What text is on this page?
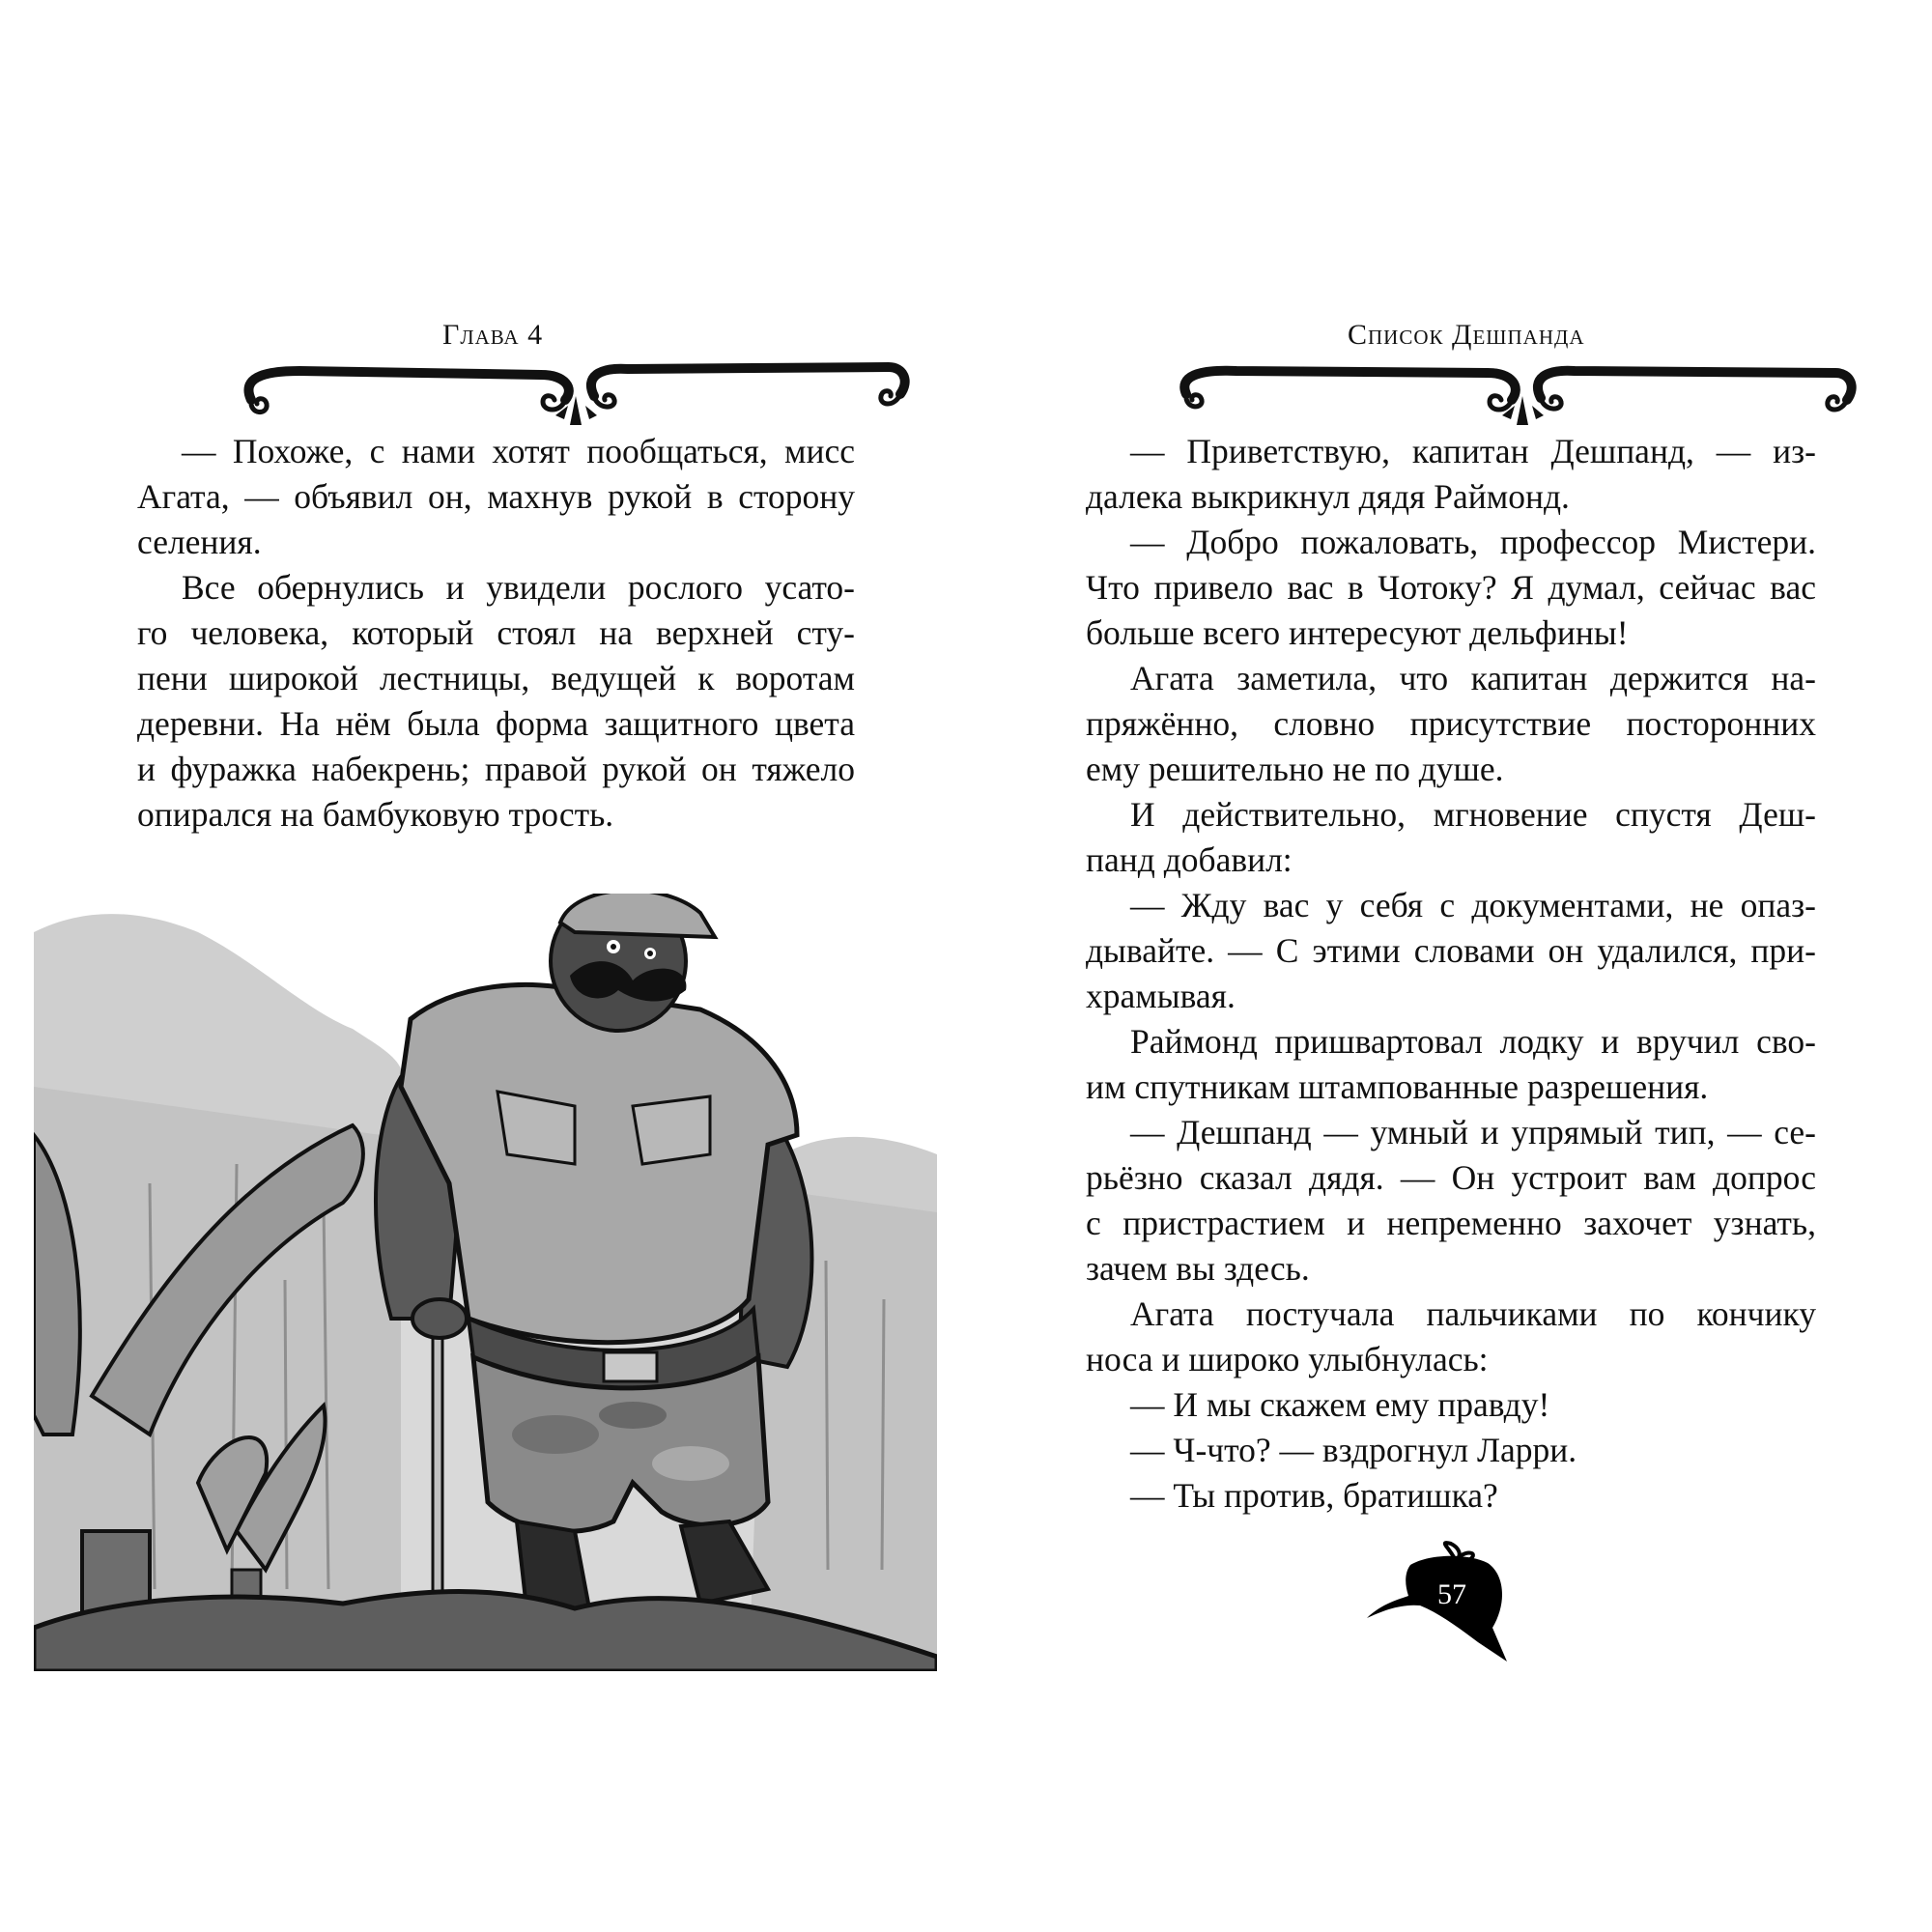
Глава 4
— Похоже, с нами хотят пообщаться, мисс
Агата, — объявил он, махнув рукой в сторону
селения.
Все обернулись и увидели рослого усато-
го человека, который стоял на верхней сту-
пени широкой лестницы, ведущей к воротам
деревни. На нём была форма защитного цвета
и фуражка набекрень; правой рукой он тяжело
опирался на бамбуковую трость.
Список Дешпанда
— Приветствую, капитан Дешпанд, — из-
далека выкрикнул дядя Раймонд.
— Добро пожаловать, профессор Мистери.
Что привело вас в Чотоку? Я думал, сейчас вас
больше всего интересуют дельфины!
Агата заметила, что капитан держится на-
пряжённо, словно присутствие посторонних
ему решительно не по душе.
И действительно, мгновение спустя Деш-
панд добавил:
— Жду вас у себя с документами, не опаз-
дывайте. — С этими словами он удалился, при-
храмывая.
Раймонд пришвартовал лодку и вручил сво-
им спутникам штампованные разрешения.
— Дешпанд — умный и упрямый тип, — се-
рьёзно сказал дядя. — Он устроит вам допрос
с пристрастием и непременно захочет узнать,
зачем вы здесь.
Агата постучала пальчиками по кончику
носа и широко улыбнулась:
— И мы скажем ему правду!
— Ч-что? — вздрогнул Ларри.
— Ты против, братишка?
57
